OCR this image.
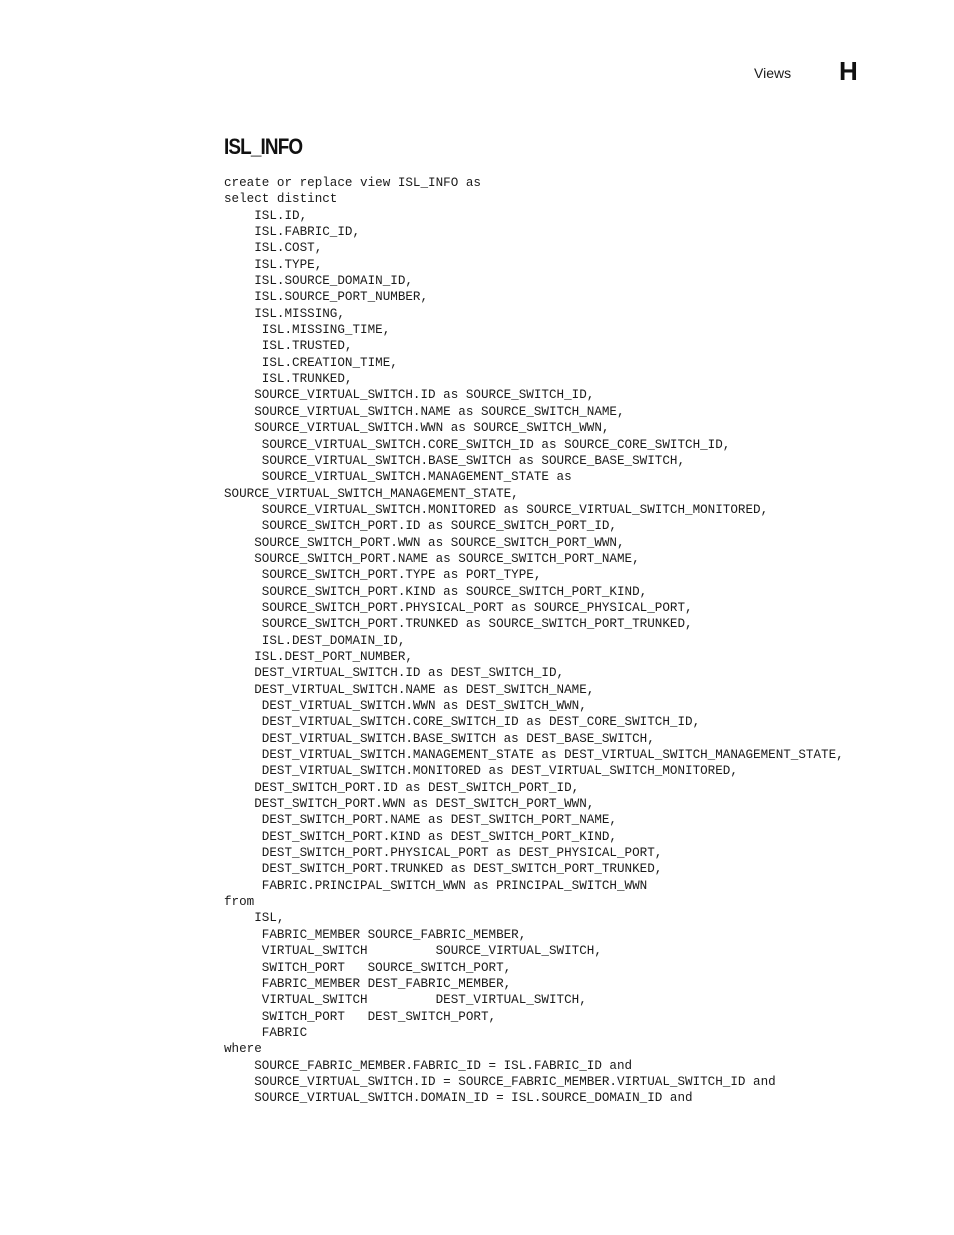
Views H
ISL_INFO
create or replace view ISL_INFO as
select distinct
ISL.ID,
ISL.FABRIC_ID,
ISL.COST,
ISL.TYPE,
ISL.SOURCE_DOMAIN_ID,
ISL.SOURCE_PORT_NUMBER,
ISL.MISSING,
ISL.MISSING_TIME,
ISL.TRUSTED,
ISL.CREATION_TIME,
ISL.TRUNKED,
SOURCE_VIRTUAL_SWITCH.ID as SOURCE_SWITCH_ID,
SOURCE_VIRTUAL_SWITCH.NAME as SOURCE_SWITCH_NAME,
SOURCE_VIRTUAL_SWITCH.WWN as SOURCE_SWITCH_WWN,
SOURCE_VIRTUAL_SWITCH.CORE_SWITCH_ID as SOURCE_CORE_SWITCH_ID,
SOURCE_VIRTUAL_SWITCH.BASE_SWITCH as SOURCE_BASE_SWITCH,
SOURCE_VIRTUAL_SWITCH.MANAGEMENT_STATE as
SOURCE_VIRTUAL_SWITCH_MANAGEMENT_STATE,
SOURCE_VIRTUAL_SWITCH.MONITORED as SOURCE_VIRTUAL_SWITCH_MONITORED,
SOURCE_SWITCH_PORT.ID as SOURCE_SWITCH_PORT_ID,
SOURCE_SWITCH_PORT.WWN as SOURCE_SWITCH_PORT_WWN,
SOURCE_SWITCH_PORT.NAME as SOURCE_SWITCH_PORT_NAME,
SOURCE_SWITCH_PORT.TYPE as PORT_TYPE,
SOURCE_SWITCH_PORT.KIND as SOURCE_SWITCH_PORT_KIND,
SOURCE_SWITCH_PORT.PHYSICAL_PORT as SOURCE_PHYSICAL_PORT,
SOURCE_SWITCH_PORT.TRUNKED as SOURCE_SWITCH_PORT_TRUNKED,
ISL.DEST_DOMAIN_ID,
ISL.DEST_PORT_NUMBER,
DEST_VIRTUAL_SWITCH.ID as DEST_SWITCH_ID,
DEST_VIRTUAL_SWITCH.NAME as DEST_SWITCH_NAME,
DEST_VIRTUAL_SWITCH.WWN as DEST_SWITCH_WWN,
DEST_VIRTUAL_SWITCH.CORE_SWITCH_ID as DEST_CORE_SWITCH_ID,
DEST_VIRTUAL_SWITCH.BASE_SWITCH as DEST_BASE_SWITCH,
DEST_VIRTUAL_SWITCH.MANAGEMENT_STATE as DEST_VIRTUAL_SWITCH_MANAGEMENT_STATE,
DEST_VIRTUAL_SWITCH.MONITORED as DEST_VIRTUAL_SWITCH_MONITORED,
DEST_SWITCH_PORT.ID as DEST_SWITCH_PORT_ID,
DEST_SWITCH_PORT.WWN as DEST_SWITCH_PORT_WWN,
DEST_SWITCH_PORT.NAME as DEST_SWITCH_PORT_NAME,
DEST_SWITCH_PORT.KIND as DEST_SWITCH_PORT_KIND,
DEST_SWITCH_PORT.PHYSICAL_PORT as DEST_PHYSICAL_PORT,
DEST_SWITCH_PORT.TRUNKED as DEST_SWITCH_PORT_TRUNKED,
FABRIC.PRINCIPAL_SWITCH_WWN as PRINCIPAL_SWITCH_WWN
from
ISL,
FABRIC_MEMBER SOURCE_FABRIC_MEMBER,
VIRTUAL_SWITCH         SOURCE_VIRTUAL_SWITCH,
SWITCH_PORT   SOURCE_SWITCH_PORT,
FABRIC_MEMBER DEST_FABRIC_MEMBER,
VIRTUAL_SWITCH         DEST_VIRTUAL_SWITCH,
SWITCH_PORT   DEST_SWITCH_PORT,
FABRIC
where
SOURCE_FABRIC_MEMBER.FABRIC_ID = ISL.FABRIC_ID and
SOURCE_VIRTUAL_SWITCH.ID = SOURCE_FABRIC_MEMBER.VIRTUAL_SWITCH_ID and
SOURCE_VIRTUAL_SWITCH.DOMAIN_ID = ISL.SOURCE_DOMAIN_ID and
